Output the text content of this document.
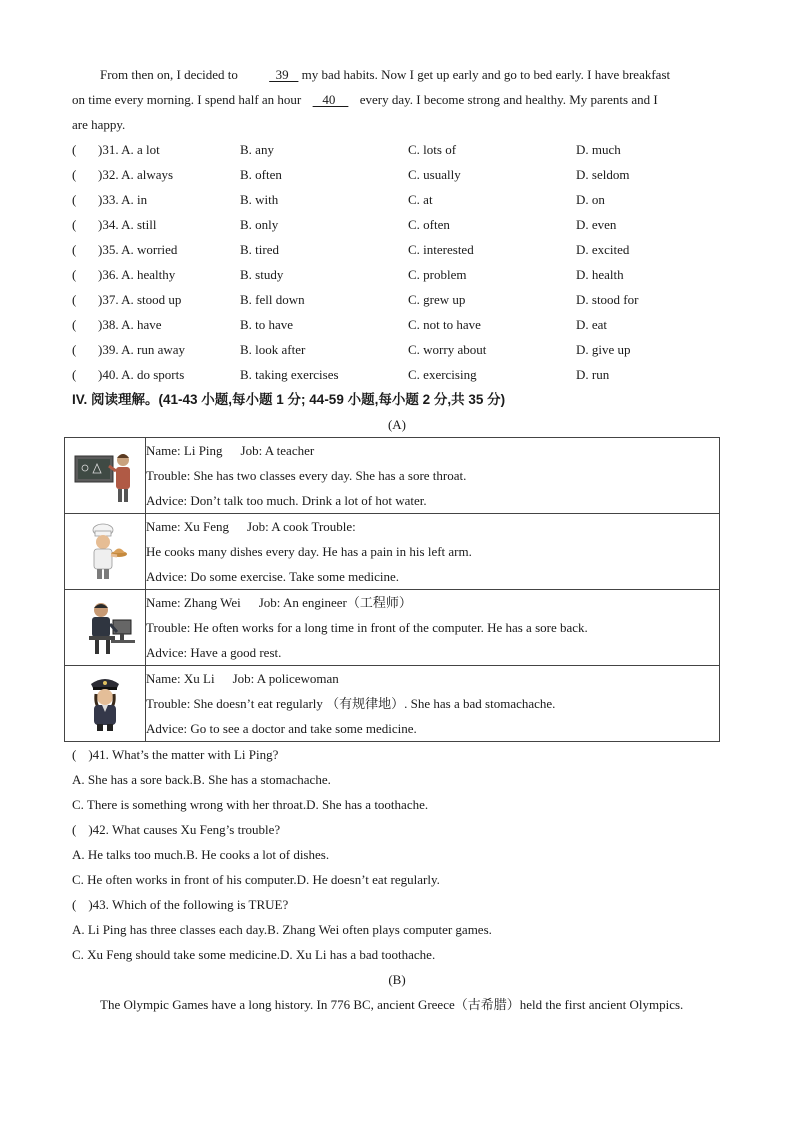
From then on, I decided to   39    my bad habits. Now I get up early and go to bed early. I have breakfast

on time every morning. I spend half an hour    40     every day. I become strong and healthy. My parents and I

are happy.

( )31. A. a lot	B. any	C. lots of	D. much
( )32. A. always	B. often	C. usually	D. seldom
( )33. A. in	B. with	C. at	D. on
( )34. A. still	B. only	C. often	D. even
( )35. A. worried	B. tired	C. interested	D. excited
( )36. A. healthy	B. study	C. problem	D. health
( )37. A. stood up	B. fell down	C. grew up	D. stood for
( )38. A. have	B. to have	C. not to have	D. eat
( )39. A. run away	B. look after	C. worry about	D. give up
( )40. A. do sports	B. taking exercises	C. exercising	D. run

IV. 阅读理解。(41-43 小题,每小题 1 分; 44-59 小题,每小题 2 分,共 35 分)

(A)

Name: Li Ping Job: A teacher
Trouble: She has two classes every day. She has a sore throat.
Advice: Don’t talk too much. Drink a lot of hot water.

Name: Xu Feng Job: A cook Trouble:
He cooks many dishes every day. He has a pain in his left arm.
Advice: Do some exercise. Take some medicine.

Name: Zhang Wei Job: An engineer（工程师）
Trouble: He often works for a long time in front of the computer. He has a sore back.
Advice: Have a good rest.

Name: Xu Li Job: A policewoman
Trouble: She doesn’t eat regularly （有规律地）. She has a bad stomachache.
Advice: Go to see a doctor and take some medicine.

( )41. What’s the matter with Li Ping?

A. She has a sore back.B. She has a stomachache.

C. There is something wrong with her throat.D. She has a toothache.

( )42. What causes Xu Feng’s trouble?

A. He talks too much.B. He cooks a lot of dishes.

C. He often works in front of his computer.D. He doesn’t eat regularly.

( )43. Which of the following is TRUE?

A. Li Ping has three classes each day.B. Zhang Wei often plays computer games.

C. Xu Feng should take some medicine.D. Xu Li has a bad toothache.

(B)

The Olympic Games have a long history. In 776 BC, ancient Greece（古希腊）held the first ancient Olympics.
